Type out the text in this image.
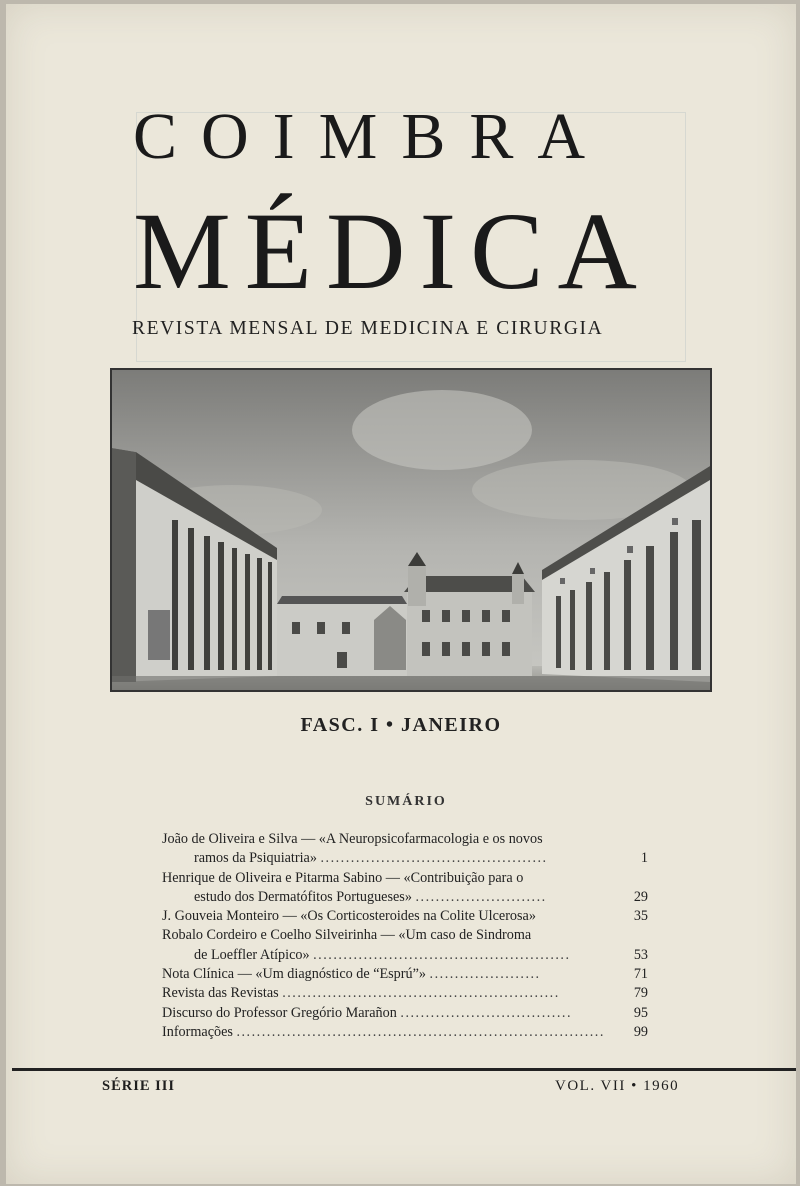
COIMBRA
MÉDICA
REVISTA MENSAL DE MEDICINA E CIRURGIA
FASC. I • JANEIRO
SUMÁRIO
João de Oliveira e Silva — «A Neuropsicofarmacologia e os novos
ramos da Psiquiatria» .............................................	1
Henrique de Oliveira e Pitarma Sabino — «Contribuição para o
estudo dos Dermatófitos Portugueses» ..........................	29
J. Gouveia Monteiro — «Os Corticosteroides na Colite Ulcerosa»	35
Robalo Cordeiro e Coelho Silveirinha — «Um caso de Sindroma
de Loeffler Atípico» ...................................................	53
Nota Clínica — «Um diagnóstico de “Esprú”» ......................	71
Revista das Revistas .......................................................	79
Discurso do Professor Gregório Marañon ..................................	95
Informações .........................................................................	99
SÉRIE III	VOL. VII • 1960
